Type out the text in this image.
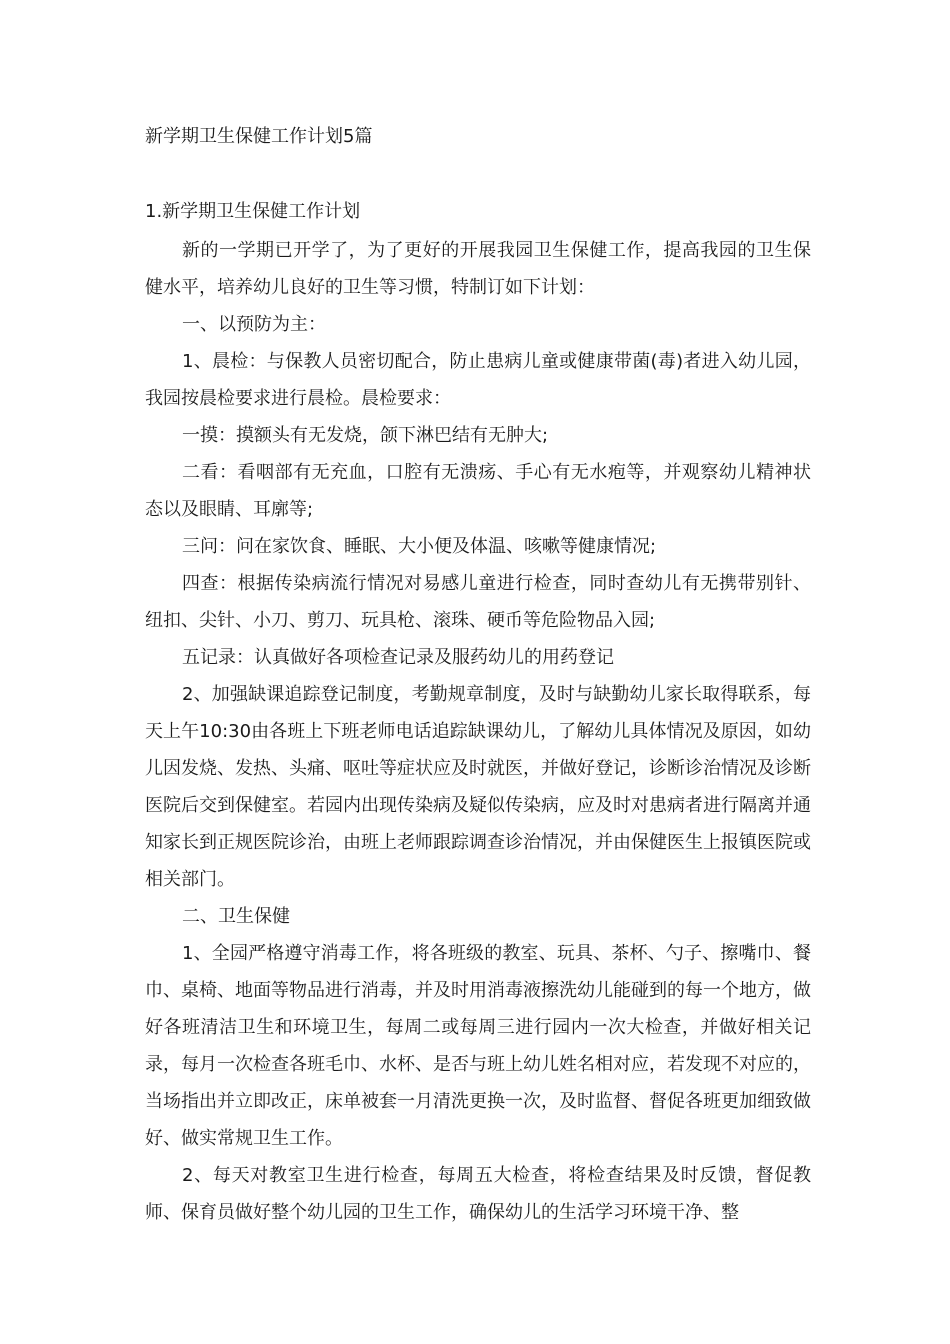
新学期卫生保健工作计划5篇
1.新学期卫生保健工作计划

新的一学期已开学了，为了更好的开展我园卫生保健工作，提高我园的卫生保健水平，培养幼儿良好的卫生等习惯，特制订如下计划：

一、以预防为主：

1、晨检：与保教人员密切配合，防止患病儿童或健康带菌(毒)者进入幼儿园，我园按晨检要求进行晨检。晨检要求：

一摸：摸额头有无发烧，颌下淋巴结有无肿大;

二看：看咽部有无充血，口腔有无溃疡、手心有无水疱等，并观察幼儿精神状态以及眼睛、耳廓等;

三问：问在家饮食、睡眠、大小便及体温、咳嗽等健康情况;

四查：根据传染病流行情况对易感儿童进行检查，同时查幼儿有无携带别针、纽扣、尖针、小刀、剪刀、玩具枪、滚珠、硬币等危险物品入园;

五记录：认真做好各项检查记录及服药幼儿的用药登记

2、加强缺课追踪登记制度，考勤规章制度，及时与缺勤幼儿家长取得联系，每天上午10:30由各班上下班老师电话追踪缺课幼儿，了解幼儿具体情况及原因，如幼儿因发烧、发热、头痛、呕吐等症状应及时就医，并做好登记，诊断诊治情况及诊断医院后交到保健室。若园内出现传染病及疑似传染病，应及时对患病者进行隔离并通知家长到正规医院诊治，由班上老师跟踪调查诊治情况，并由保健医生上报镇医院或相关部门。

二、卫生保健

1、全园严格遵守消毒工作，将各班级的教室、玩具、茶杯、勺子、擦嘴巾、餐巾、桌椅、地面等物品进行消毒，并及时用消毒液擦洗幼儿能碰到的每一个地方，做好各班清洁卫生和环境卫生，每周二或每周三进行园内一次大检查，并做好相关记录，每月一次检查各班毛巾、水杯、是否与班上幼儿姓名相对应，若发现不对应的，当场指出并立即改正，床单被套一月清洗更换一次，及时监督、督促各班更加细致做好、做实常规卫生工作。

2、每天对教室卫生进行检查，每周五大检查，将检查结果及时反馈，督促教师、保育员做好整个幼儿园的卫生工作，确保幼儿的生活学习环境干净、整
